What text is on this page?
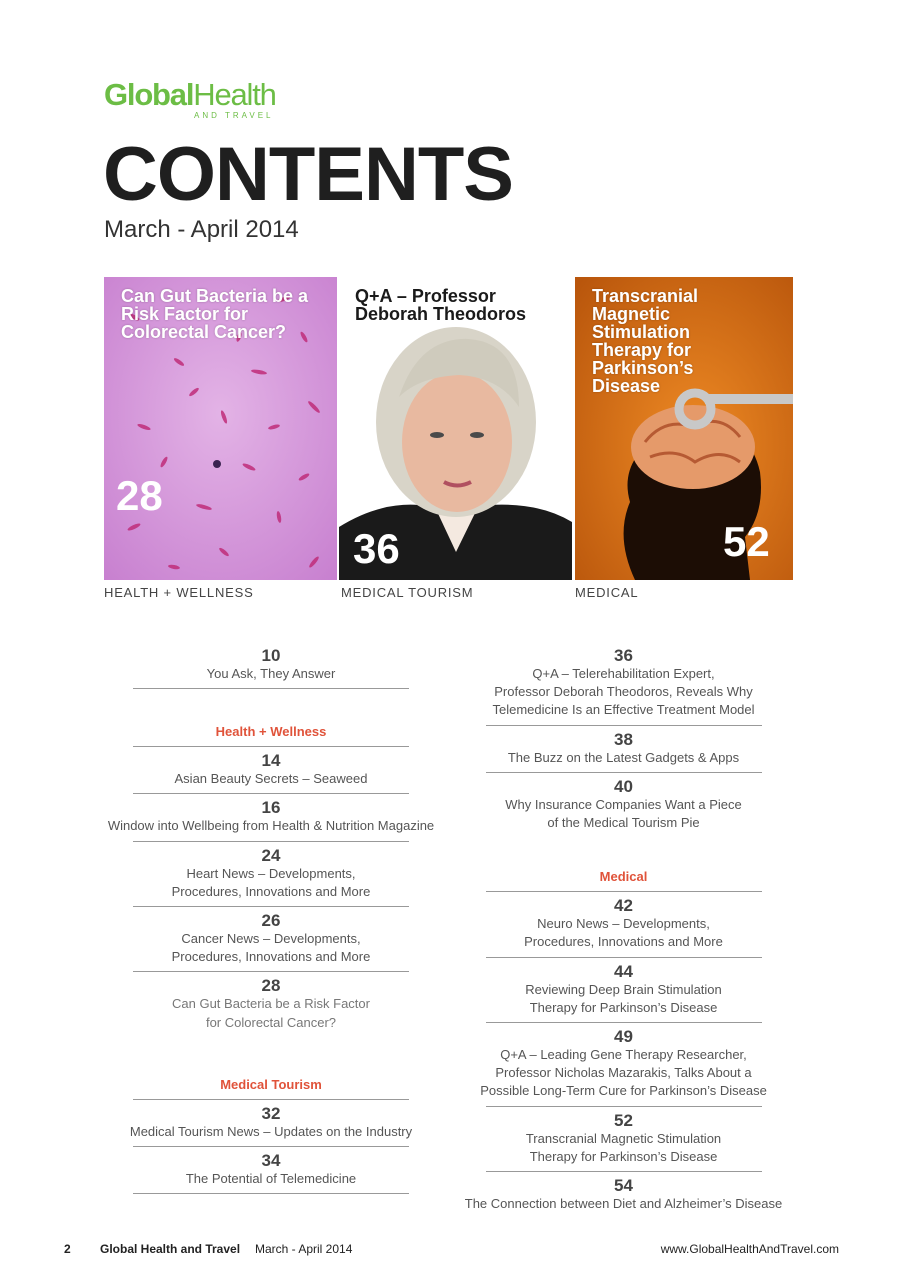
GlobalHealth
AND TRAVEL
CONTENTS
March - April 2014
Can Gut Bacteria be a Risk Factor for Colorectal Cancer?
28
Q+A – Professor Deborah Theodoros
36
Transcranial Magnetic Stimulation Therapy for Parkinson’s Disease
52
HEALTH + WELLNESS	MEDICAL TOURISM	MEDICAL
10
You Ask, They Answer
Health + Wellness
14
Asian Beauty Secrets – Seaweed
16
Window into Wellbeing from Health & Nutrition Magazine
24
Heart News – Developments,
Procedures, Innovations and More
26
Cancer News – Developments,
Procedures, Innovations and More
28
Can Gut Bacteria be a Risk Factor
for Colorectal Cancer?
Medical Tourism
32
Medical Tourism News – Updates on the Industry
34
The Potential of Telemedicine
36
Q+A – Telerehabilitation Expert,
Professor Deborah Theodoros, Reveals Why
Telemedicine Is an Effective Treatment Model
38
The Buzz on the Latest Gadgets & Apps
40
Why Insurance Companies Want a Piece
of the Medical Tourism Pie
Medical
42
Neuro News – Developments,
Procedures, Innovations and More
44
Reviewing Deep Brain Stimulation
Therapy for Parkinson’s Disease
49
Q+A – Leading Gene Therapy Researcher,
Professor Nicholas Mazarakis, Talks About a
Possible Long-Term Cure for Parkinson’s Disease
52
Transcranial Magnetic Stimulation
Therapy for Parkinson’s Disease
54
The Connection between Diet and Alzheimer’s Disease
2 Global Health and Travel March - April 2014	www.GlobalHealthAndTravel.com
